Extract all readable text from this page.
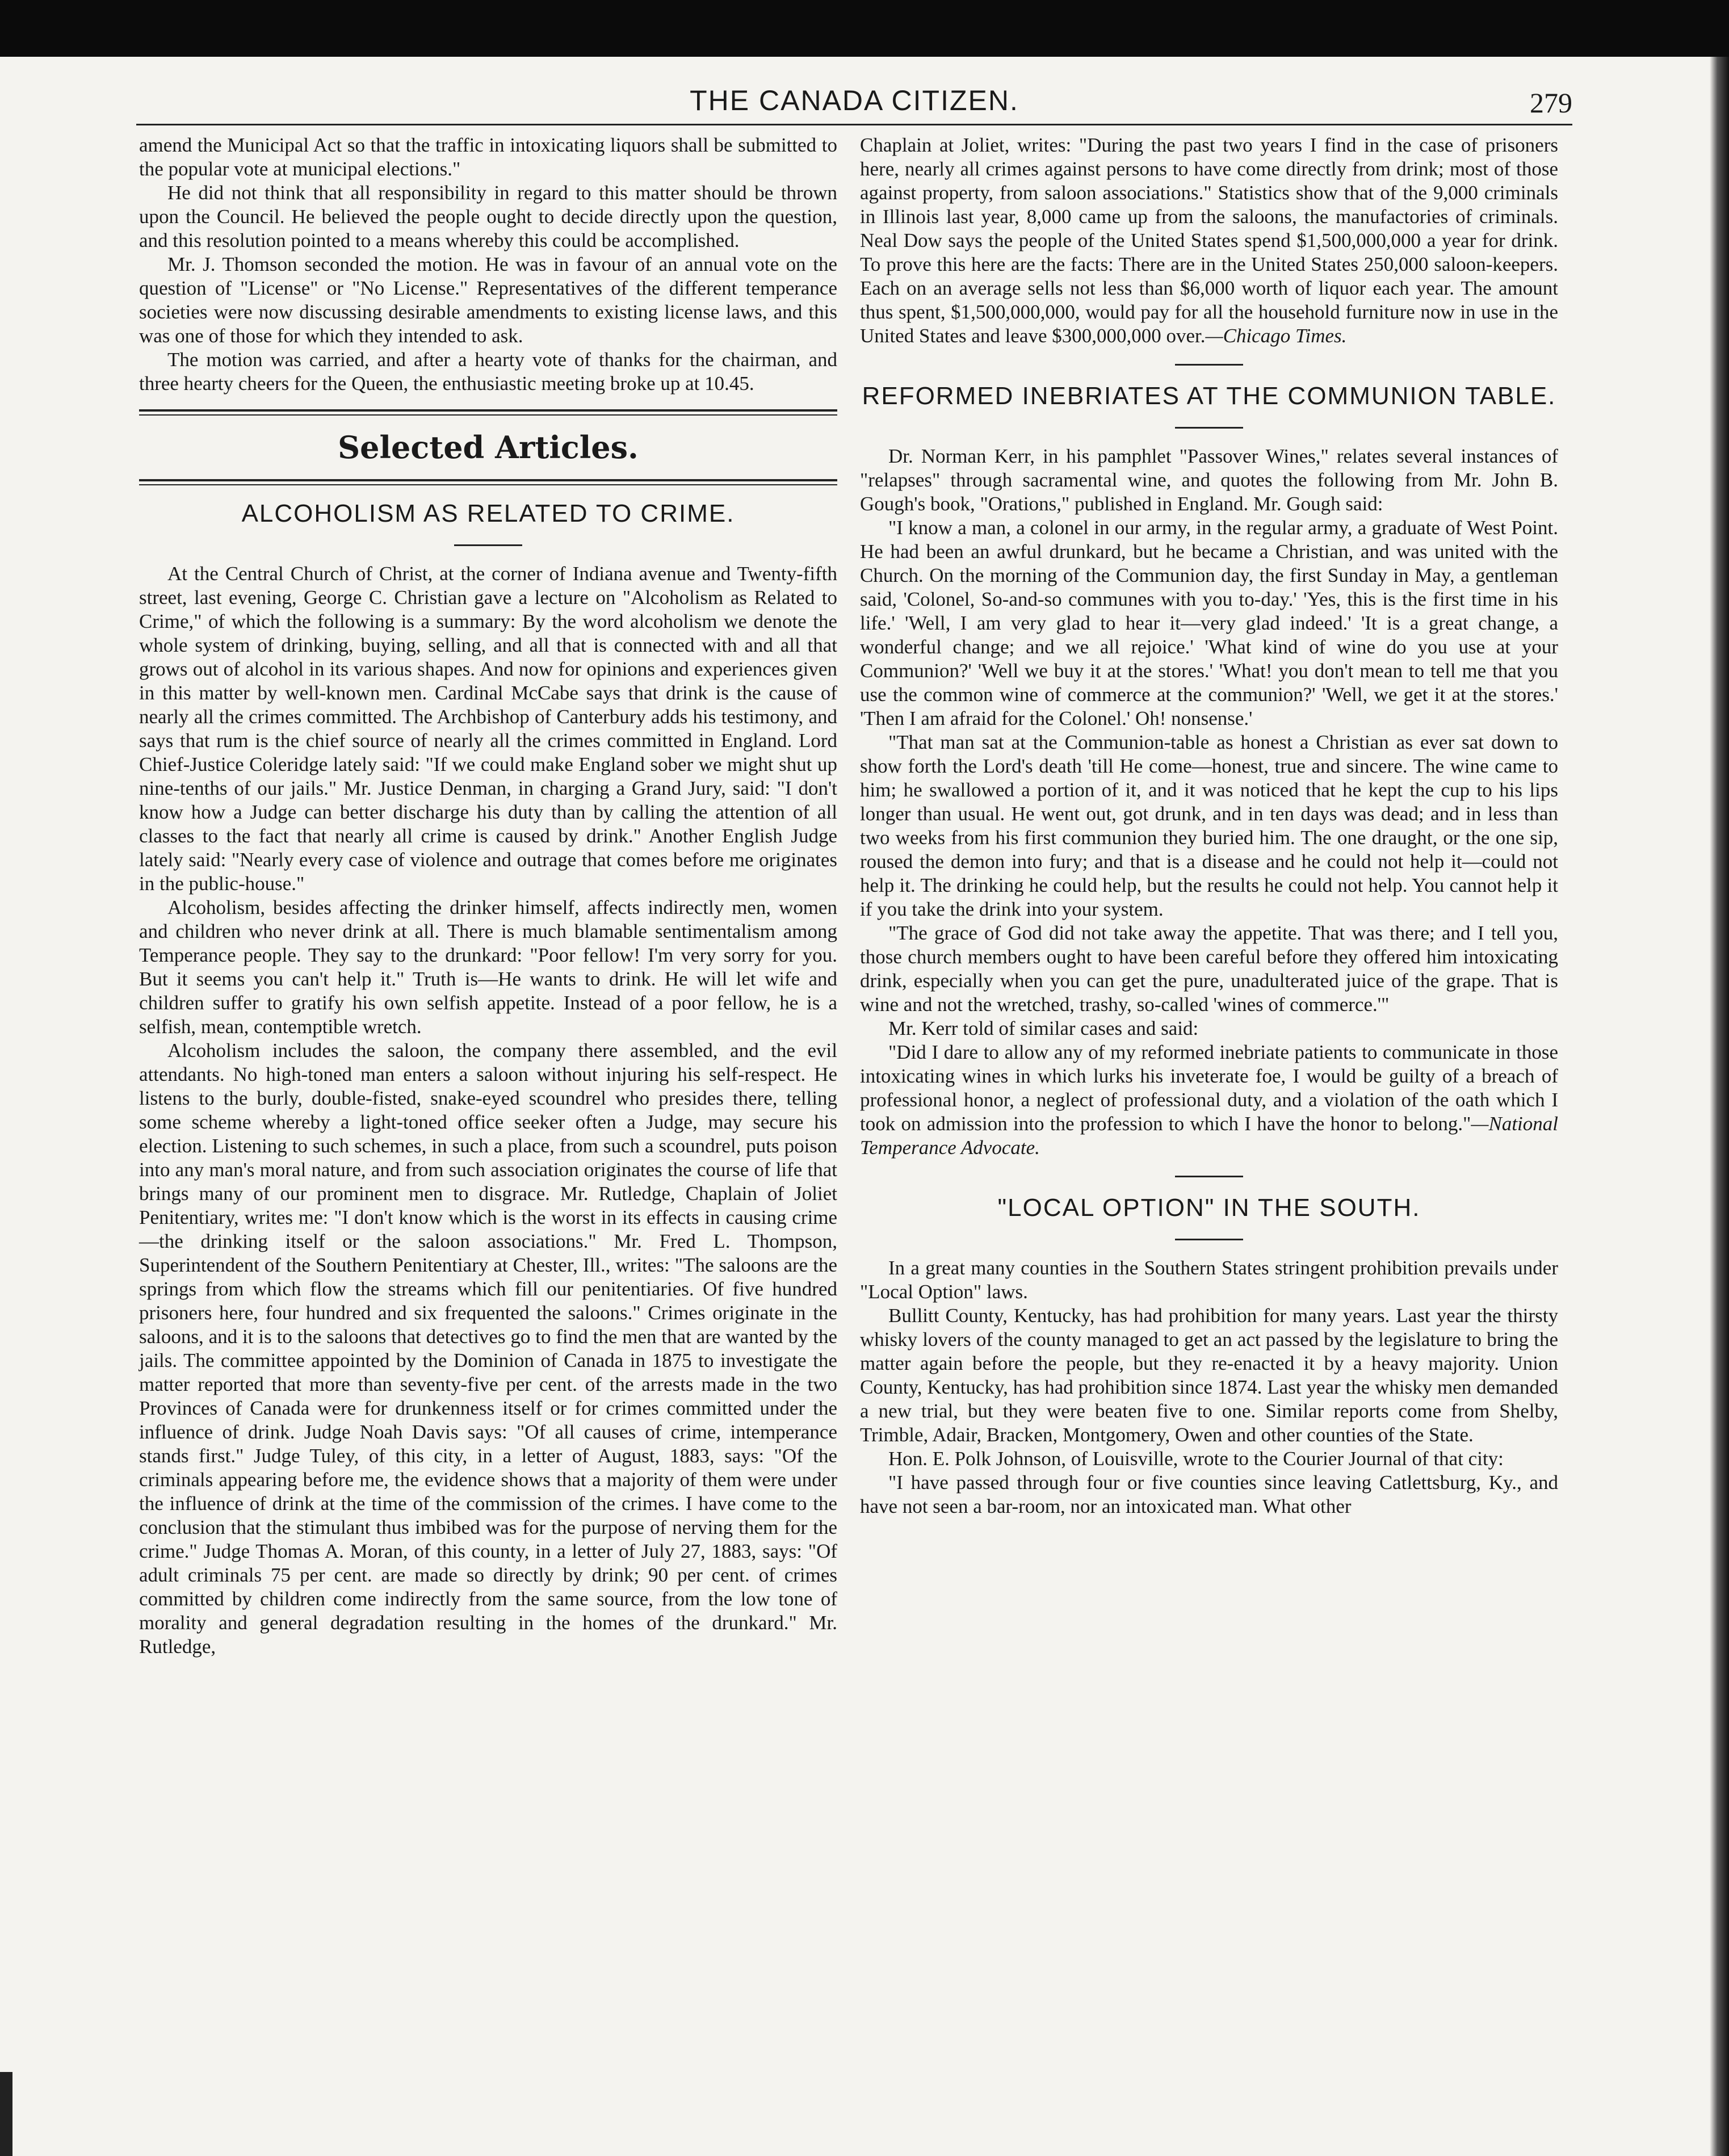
THE CANADA CITIZEN.	279

amend the Municipal Act so that the traffic in intoxicating liquors shall be submitted to the popular vote at municipal elections."

He did not think that all responsibility in regard to this matter should be thrown upon the Council. He believed the people ought to decide directly upon the question, and this resolution pointed to a means whereby this could be accomplished.

Mr. J. Thomson seconded the motion. He was in favour of an annual vote on the question of "License" or "No License." Representatives of the different temperance societies were now discussing desirable amendments to existing license laws, and this was one of those for which they intended to ask.

The motion was carried, and after a hearty vote of thanks for the chairman, and three hearty cheers for the Queen, the enthusiastic meeting broke up at 10.45.

Selected Articles.
ALCOHOLISM AS RELATED TO CRIME.

At the Central Church of Christ, at the corner of Indiana avenue and Twenty-fifth street, last evening, George C. Christian gave a lecture on "Alcoholism as Related to Crime," of which the following is a summary: By the word alcoholism we denote the whole system of drinking, buying, selling, and all that is connected with and all that grows out of alcohol in its various shapes. And now for opinions and experiences given in this matter by well-known men. Cardinal McCabe says that drink is the cause of nearly all the crimes committed. The Archbishop of Canterbury adds his testimony, and says that rum is the chief source of nearly all the crimes committed in England. Lord Chief-Justice Coleridge lately said: "If we could make England sober we might shut up nine-tenths of our jails." Mr. Justice Denman, in charging a Grand Jury, said: "I don't know how a Judge can better discharge his duty than by calling the attention of all classes to the fact that nearly all crime is caused by drink." Another English Judge lately said: "Nearly every case of violence and outrage that comes before me originates in the public-house."

Alcoholism, besides affecting the drinker himself, affects indirectly men, women and children who never drink at all. There is much blamable sentimentalism among Temperance people. They say to the drunkard: "Poor fellow! I'm very sorry for you. But it seems you can't help it." Truth is—He wants to drink. He will let wife and children suffer to gratify his own selfish appetite. Instead of a poor fellow, he is a selfish, mean, contemptible wretch.

Alcoholism includes the saloon, the company there assembled, and the evil attendants. No high-toned man enters a saloon without injuring his self-respect. He listens to the burly, double-fisted, snake-eyed scoundrel who presides there, telling some scheme whereby a light-toned office seeker often a Judge, may secure his election. Listening to such schemes, in such a place, from such a scoundrel, puts poison into any man's moral nature, and from such association originates the course of life that brings many of our prominent men to disgrace. Mr. Rutledge, Chaplain of Joliet Penitentiary, writes me: "I don't know which is the worst in its effects in causing crime—the drinking itself or the saloon associations." Mr. Fred L. Thompson, Superintendent of the Southern Penitentiary at Chester, Ill., writes: "The saloons are the springs from which flow the streams which fill our penitentiaries. Of five hundred prisoners here, four hundred and six frequented the saloons." Crimes originate in the saloons, and it is to the saloons that detectives go to find the men that are wanted by the jails. The committee appointed by the Dominion of Canada in 1875 to investigate the matter reported that more than seventy-five per cent. of the arrests made in the two Provinces of Canada were for drunkenness itself or for crimes committed under the influence of drink. Judge Noah Davis says: "Of all causes of crime, intemperance stands first." Judge Tuley, of this city, in a letter of August, 1883, says: "Of the criminals appearing before me, the evidence shows that a majority of them were under the influence of drink at the time of the commission of the crimes. I have come to the conclusion that the stimulant thus imbibed was for the purpose of nerving them for the crime." Judge Thomas A. Moran, of this county, in a letter of July 27, 1883, says: "Of adult criminals 75 per cent. are made so directly by drink; 90 per cent. of crimes committed by children come indirectly from the same source, from the low tone of morality and general degradation resulting in the homes of the drunkard." Mr. Rutledge,

Chaplain at Joliet, writes: "During the past two years I find in the case of prisoners here, nearly all crimes against persons to have come directly from drink; most of those against property, from saloon associations." Statistics show that of the 9,000 criminals in Illinois last year, 8,000 came up from the saloons, the manufactories of criminals. Neal Dow says the people of the United States spend $1,500,000,000 a year for drink. To prove this here are the facts: There are in the United States 250,000 saloon-keepers. Each on an average sells not less than $6,000 worth of liquor each year. The amount thus spent, $1,500,000,000, would pay for all the household furniture now in use in the United States and leave $300,000,000 over.—Chicago Times.

REFORMED INEBRIATES AT THE COMMUNION TABLE.

Dr. Norman Kerr, in his pamphlet "Passover Wines," relates several instances of "relapses" through sacramental wine, and quotes the following from Mr. John B. Gough's book, "Orations," published in England. Mr. Gough said:

"I know a man, a colonel in our army, in the regular army, a graduate of West Point. He had been an awful drunkard, but he became a Christian, and was united with the Church. On the morning of the Communion day, the first Sunday in May, a gentleman said, 'Colonel, So-and-so communes with you to-day.' 'Yes, this is the first time in his life.' 'Well, I am very glad to hear it—very glad indeed.' 'It is a great change, a wonderful change; and we all rejoice.' 'What kind of wine do you use at your Communion?' 'Well we buy it at the stores.' 'What! you don't mean to tell me that you use the common wine of commerce at the communion?' 'Well, we get it at the stores.' 'Then I am afraid for the Colonel.' Oh! nonsense.'

"That man sat at the Communion-table as honest a Christian as ever sat down to show forth the Lord's death 'till He come—honest, true and sincere. The wine came to him; he swallowed a portion of it, and it was noticed that he kept the cup to his lips longer than usual. He went out, got drunk, and in ten days was dead; and in less than two weeks from his first communion they buried him. The one draught, or the one sip, roused the demon into fury; and that is a disease and he could not help it—could not help it. The drinking he could help, but the results he could not help. You cannot help it if you take the drink into your system.

"The grace of God did not take away the appetite. That was there; and I tell you, those church members ought to have been careful before they offered him intoxicating drink, especially when you can get the pure, unadulterated juice of the grape. That is wine and not the wretched, trashy, so-called 'wines of commerce.'"

Mr. Kerr told of similar cases and said:

"Did I dare to allow any of my reformed inebriate patients to communicate in those intoxicating wines in which lurks his inveterate foe, I would be guilty of a breach of professional honor, a neglect of professional duty, and a violation of the oath which I took on admission into the profession to which I have the honor to belong."—National Temperance Advocate.

"LOCAL OPTION" IN THE SOUTH.

In a great many counties in the Southern States stringent prohibition prevails under "Local Option" laws.

Bullitt County, Kentucky, has had prohibition for many years. Last year the thirsty whisky lovers of the county managed to get an act passed by the legislature to bring the matter again before the people, but they re-enacted it by a heavy majority. Union County, Kentucky, has had prohibition since 1874. Last year the whisky men demanded a new trial, but they were beaten five to one. Similar reports come from Shelby, Trimble, Adair, Bracken, Montgomery, Owen and other counties of the State.

Hon. E. Polk Johnson, of Louisville, wrote to the Courier Journal of that city:

"I have passed through four or five counties since leaving Catlettsburg, Ky., and have not seen a bar-room, nor an intoxicated man. What other
